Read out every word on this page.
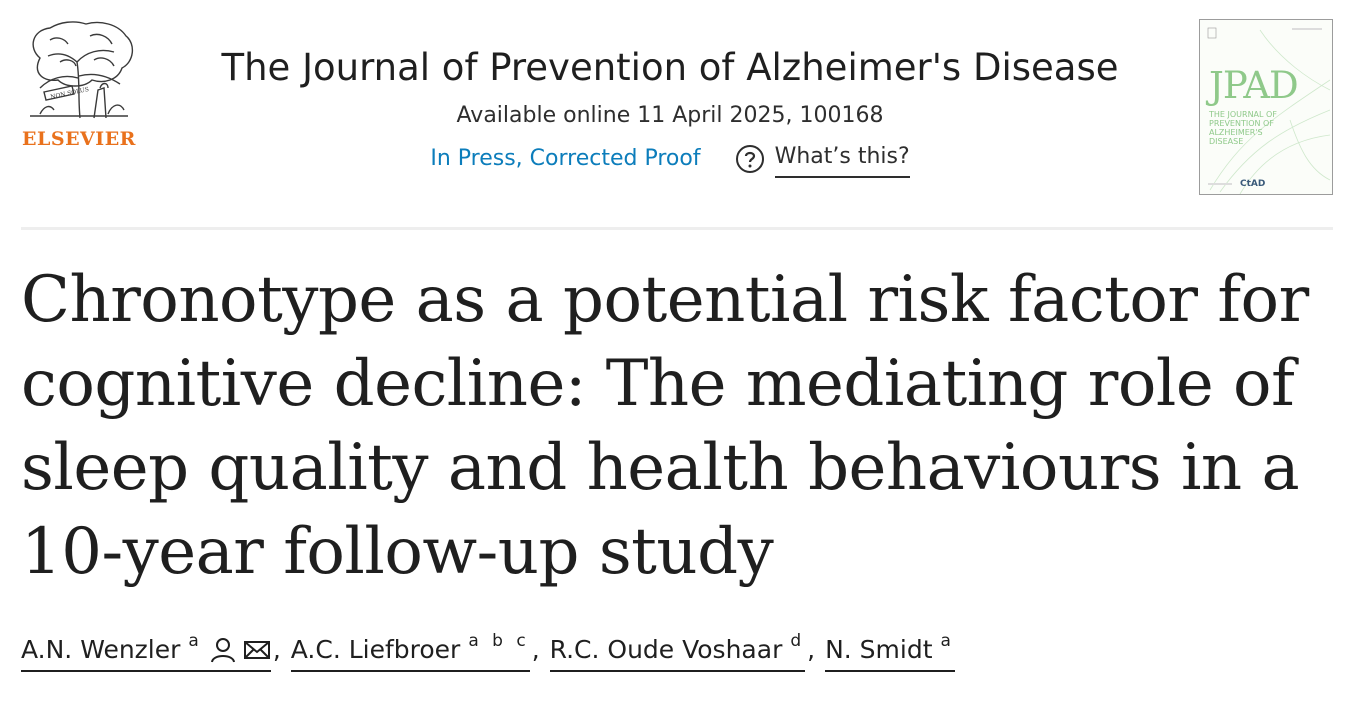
NON SOLUS
ELSEVIER
The Journal of Prevention of Alzheimer's Disease
Available online 11 April 2025, 100168
In Press, Corrected Proof	What’s this?
CtAD
JPAD
THE JOURNAL OF PREVENTION OF ALZHEIMER'S DISEASE
Chronotype as a potential risk factor for cognitive decline: The mediating role of sleep quality and health behaviours in a 10-year follow-up study
A.N. Wenzler $^a$	, A.C. Liefbroer $^{a b c}$ , R.C. Oude Voshaar $^d$ , N. Smidt $^a$
